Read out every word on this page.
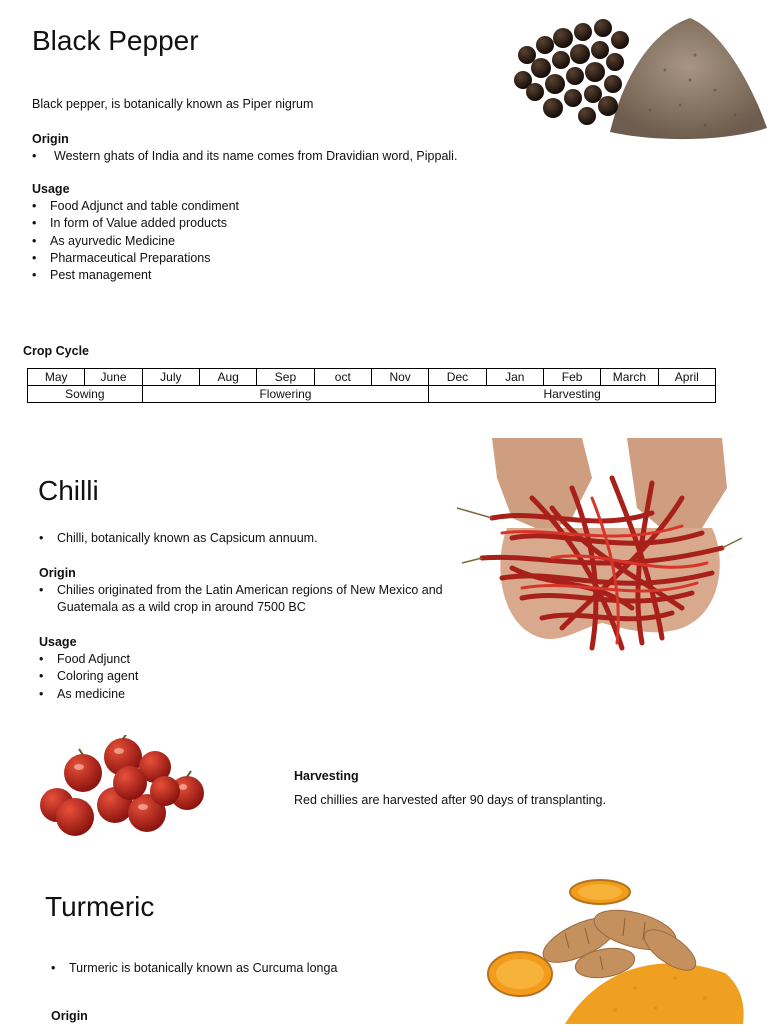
Black Pepper
Black pepper, is botanically known as Piper nigrum
Origin
• Western ghats of India and its name comes from Dravidian word, Pippali.
Usage
• Food Adjunct and table condiment
• In form of Value added products
• As ayurvedic Medicine
• Pharmaceutical Preparations
• Pest management
Crop Cycle
May	June	July	Aug	Sep	oct	Nov	Dec	Jan	Feb	March	April
Sowing		Flowering					Harvesting				
Chilli
• Chilli, botanically known as Capsicum annuum.
Origin
• Chilies originated from the Latin American regions of New Mexico and
Guatemala as a wild crop in around 7500 BC
Usage
• Food Adjunct
• Coloring agent
• As medicine
Harvesting
Red chillies are harvested after 90 days of transplanting.
Turmeric
• Turmeric is botanically known as Curcuma longa
Origin
